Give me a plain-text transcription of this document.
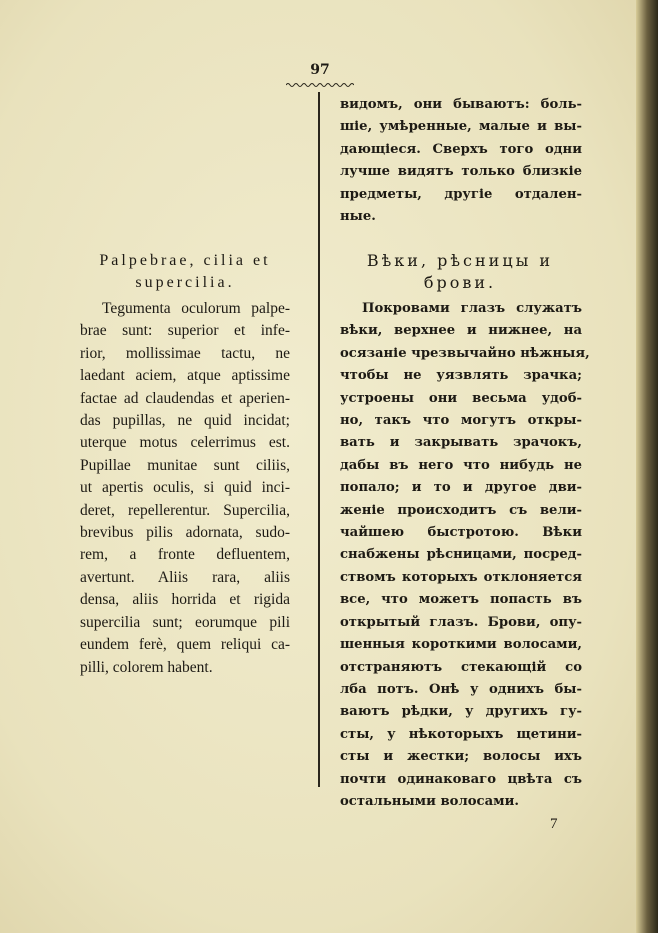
97
Palpebrae, cilia et
supercilia.
Tegumenta oculorum palpe-
brae sunt: superior et infe-
rior, mollissimae tactu, ne
laedant aciem, atque aptissime
factae ad claudendas et aperien-
das pupillas, ne quid incidat;
uterque motus celerrimus est.
Pupillae munitae sunt ciliis,
ut apertis oculis, si quid inci-
deret, repellerentur. Supercilia,
brevibus pilis adornata, sudo-
rem, a fronte defluentem,
avertunt. Aliis rara, aliis
densa, aliis horrida et rigida
supercilia sunt; eorumque pili
eundem ferè, quem reliqui ca-
pilli, colorem habent.
видомъ, они бываютъ: боль-
шіе, умѣренные, малые и вы-
дающіеся. Сверхъ того одни
лучше видятъ только близкіе
предметы, другіе отдален-
ные.
Вѣки, рѣсницы и
брови.
Покровами глазъ служатъ
вѣки, верхнее и нижнее, на
осязаніе чрезвычайно нѣжныя,
чтобы не уязвлять зрачка;
устроены они весьма удоб-
но, такъ что могутъ откры-
вать и закрывать зрачокъ,
дабы въ него что нибудь не
попало; и то и другое дви-
женіе происходитъ съ вели-
чайшею быстротою. Вѣки
снабжены рѣсницами, посред-
ствомъ которыхъ отклоняется
все, что можетъ попасть въ
открытый глазъ. Брови, опу-
шенныя короткими волосами,
отстраняютъ стекающій со
лба потъ. Онѣ у однихъ бы-
ваютъ рѣдки, у другихъ гу-
сты, у нѣкоторыхъ щетини-
сты и жестки; волосы ихъ
почти одинаковаго цвѣта съ
остальными волосами.
7
